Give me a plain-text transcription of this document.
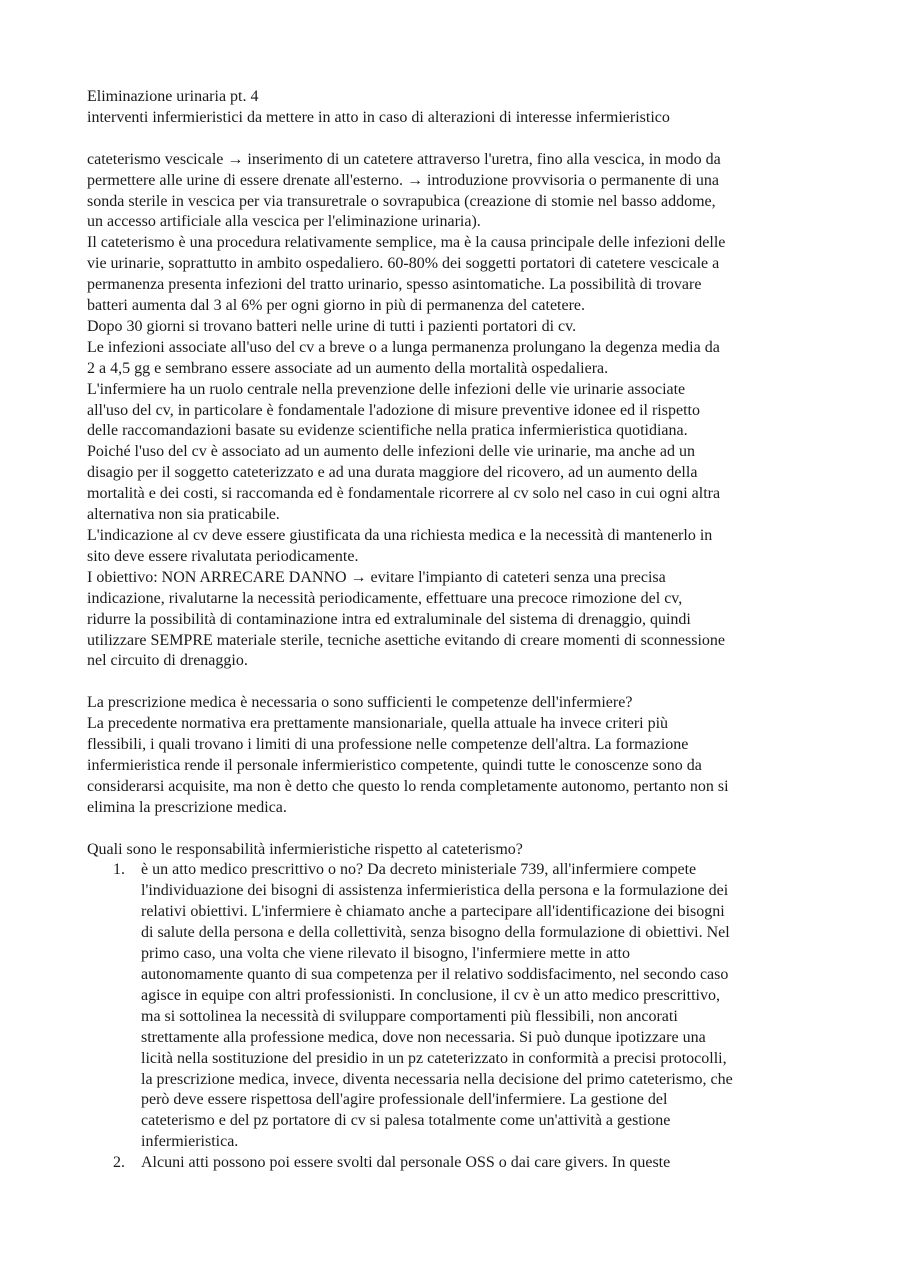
Eliminazione urinaria pt. 4
interventi infermieristici da mettere in atto in caso di alterazioni di interesse infermieristico
cateterismo vescicale → inserimento di un catetere attraverso l'uretra, fino alla vescica, in modo da
permettere alle urine di essere drenate all'esterno. → introduzione provvisoria o permanente di una
sonda sterile in vescica per via transuretrale o sovrapubica (creazione di stomie nel basso addome,
un accesso artificiale alla vescica per l'eliminazione urinaria).
Il cateterismo è una procedura relativamente semplice, ma è la causa principale delle infezioni delle
vie urinarie, soprattutto in ambito ospedaliero. 60-80% dei soggetti portatori di catetere vescicale a
permanenza presenta infezioni del tratto urinario, spesso asintomatiche. La possibilità di trovare
batteri aumenta dal 3 al 6% per ogni giorno in più di permanenza del catetere.
Dopo 30 giorni si trovano batteri nelle urine di tutti i pazienti portatori di cv.
Le infezioni associate all'uso del cv a breve o a lunga permanenza prolungano la degenza media da
2 a 4,5 gg e sembrano essere associate ad un aumento della mortalità ospedaliera.
L'infermiere ha un ruolo centrale nella prevenzione delle infezioni delle vie urinarie associate
all'uso del cv, in particolare è fondamentale l'adozione di misure preventive idonee ed il rispetto
delle raccomandazioni basate su evidenze scientifiche nella pratica infermieristica quotidiana.
Poiché l'uso del cv è associato ad un aumento delle infezioni delle vie urinarie, ma anche ad un
disagio per il soggetto cateterizzato e ad una durata maggiore del ricovero, ad un aumento della
mortalità e dei costi, si raccomanda ed è fondamentale ricorrere al cv solo nel caso in cui ogni altra
alternativa non sia praticabile.
L'indicazione al cv deve essere giustificata da una richiesta medica e la necessità di mantenerlo in
sito deve essere rivalutata periodicamente.
I obiettivo: NON ARRECARE DANNO → evitare l'impianto di cateteri senza una precisa
indicazione, rivalutarne la necessità periodicamente, effettuare una precoce rimozione del cv,
ridurre la possibilità di contaminazione intra ed extraluminale del sistema di drenaggio, quindi
utilizzare SEMPRE materiale sterile, tecniche asettiche evitando di creare momenti di sconnessione
nel circuito di drenaggio.
La prescrizione medica è necessaria o sono sufficienti le competenze dell'infermiere?
La precedente normativa era prettamente mansionariale, quella attuale ha invece criteri più
flessibili, i quali trovano i limiti di una professione nelle competenze dell'altra. La formazione
infermieristica rende il personale infermieristico competente, quindi tutte le conoscenze sono da
considerarsi acquisite, ma non è detto che questo lo renda completamente autonomo, pertanto non si
elimina la prescrizione medica.
Quali sono le responsabilità infermieristiche rispetto al cateterismo?
1. è un atto medico prescrittivo o no? Da decreto ministeriale 739, all'infermiere compete
l'individuazione dei bisogni di assistenza infermieristica della persona e la formulazione dei
relativi obiettivi. L'infermiere è chiamato anche a partecipare all'identificazione dei bisogni
di salute della persona e della collettività, senza bisogno della formulazione di obiettivi. Nel
primo caso, una volta che viene rilevato il bisogno, l'infermiere mette in atto
autonomamente quanto di sua competenza per il relativo soddisfacimento, nel secondo caso
agisce in equipe con altri professionisti. In conclusione, il cv è un atto medico prescrittivo,
ma si sottolinea la necessità di sviluppare comportamenti più flessibili, non ancorati
strettamente alla professione medica, dove non necessaria. Si può dunque ipotizzare una
licità nella sostituzione del presidio in un pz cateterizzato in conformità a precisi protocolli,
la prescrizione medica, invece, diventa necessaria nella decisione del primo cateterismo, che
però deve essere rispettosa dell'agire professionale dell'infermiere. La gestione del
cateterismo e del pz portatore di cv si palesa totalmente come un'attività a gestione
infermieristica.
2. Alcuni atti possono poi essere svolti dal personale OSS o dai care givers. In queste
